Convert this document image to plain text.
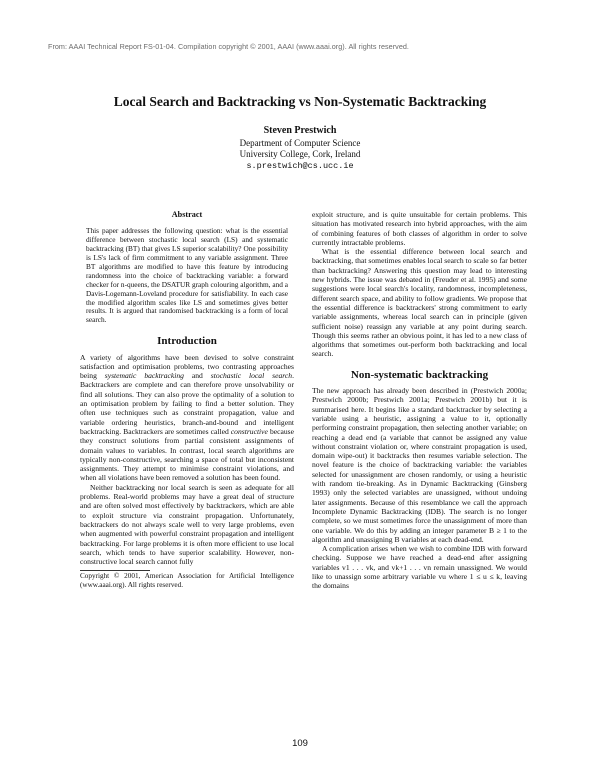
From: AAAI Technical Report FS-01-04. Compilation copyright © 2001, AAAI (www.aaai.org). All rights reserved.
Local Search and Backtracking vs Non-Systematic Backtracking
Steven Prestwich
Department of Computer Science
University College, Cork, Ireland
s.prestwich@cs.ucc.ie
Abstract

This paper addresses the following question: what is the essential difference between stochastic local search (LS) and systematic backtracking (BT) that gives LS superior scalability? One possibility is LS's lack of firm commitment to any variable assignment. Three BT algorithms are modified to have this feature by introducing randomness into the choice of backtracking variable: a forward checker for n-queens, the DSATUR graph colouring algorithm, and a Davis-Logemann-Loveland procedure for satisfiability. In each case the modified algorithm scales like LS and sometimes gives better results. It is argued that randomised backtracking is a form of local search.

Introduction

A variety of algorithms have been devised to solve constraint satisfaction and optimisation problems, two contrasting approaches being systematic backtracking and stochastic local search. Backtrackers are complete and can therefore prove unsolvability or find all solutions. They can also prove the optimality of a solution to an optimisation problem by failing to find a better solution. They often use techniques such as constraint propagation, value and variable ordering heuristics, branch-and-bound and intelligent backtracking. Backtrackers are sometimes called constructive because they construct solutions from partial consistent assignments of domain values to variables. In contrast, local search algorithms are typically non-constructive, searching a space of total but inconsistent assignments. They attempt to minimise constraint violations, and when all violations have been removed a solution has been found.

Neither backtracking nor local search is seen as adequate for all problems. Real-world problems may have a great deal of structure and are often solved most effectively by backtrackers, which are able to exploit structure via constraint propagation. Unfortunately, backtrackers do not always scale well to very large problems, even when augmented with powerful constraint propagation and intelligent backtracking. For large problems it is often more efficient to use local search, which tends to have superior scalability. However, non-constructive local search cannot fully

Copyright © 2001, American Association for Artificial Intelligence (www.aaai.org). All rights reserved.

exploit structure, and is quite unsuitable for certain problems. This situation has motivated research into hybrid approaches, with the aim of combining features of both classes of algorithm in order to solve currently intractable problems.

What is the essential difference between local search and backtracking, that sometimes enables local search to scale so far better than backtracking? Answering this question may lead to interesting new hybrids. The issue was debated in (Freuder et al. 1995) and some suggestions were local search's locality, randomness, incompleteness, different search space, and ability to follow gradients. We propose that the essential difference is backtrackers' strong commitment to early variable assignments, whereas local search can in principle (given sufficient noise) reassign any variable at any point during search. Though this seems rather an obvious point, it has led to a new class of algorithms that sometimes out-perform both backtracking and local search.

Non-systematic backtracking

The new approach has already been described in (Prestwich 2000a; Prestwich 2000b; Prestwich 2001a; Prestwich 2001b) but it is summarised here. It begins like a standard backtracker by selecting a variable using a heuristic, assigning a value to it, optionally performing constraint propagation, then selecting another variable; on reaching a dead end (a variable that cannot be assigned any value without constraint violation or, where constraint propagation is used, domain wipe-out) it backtracks then resumes variable selection. The novel feature is the choice of backtracking variable: the variables selected for unassignment are chosen randomly, or using a heuristic with random tie-breaking. As in Dynamic Backtracking (Ginsberg 1993) only the selected variables are unassigned, without undoing later assignments. Because of this resemblance we call the approach Incomplete Dynamic Backtracking (IDB). The search is no longer complete, so we must sometimes force the unassignment of more than one variable. We do this by adding an integer parameter B ≥ 1 to the algorithm and unassigning B variables at each dead-end.

A complication arises when we wish to combine IDB with forward checking. Suppose we have reached a dead-end after assigning variables v1 . . . vk, and vk+1 . . . vn remain unassigned. We would like to unassign some arbitrary variable vu where 1 ≤ u ≤ k, leaving the domains

109
